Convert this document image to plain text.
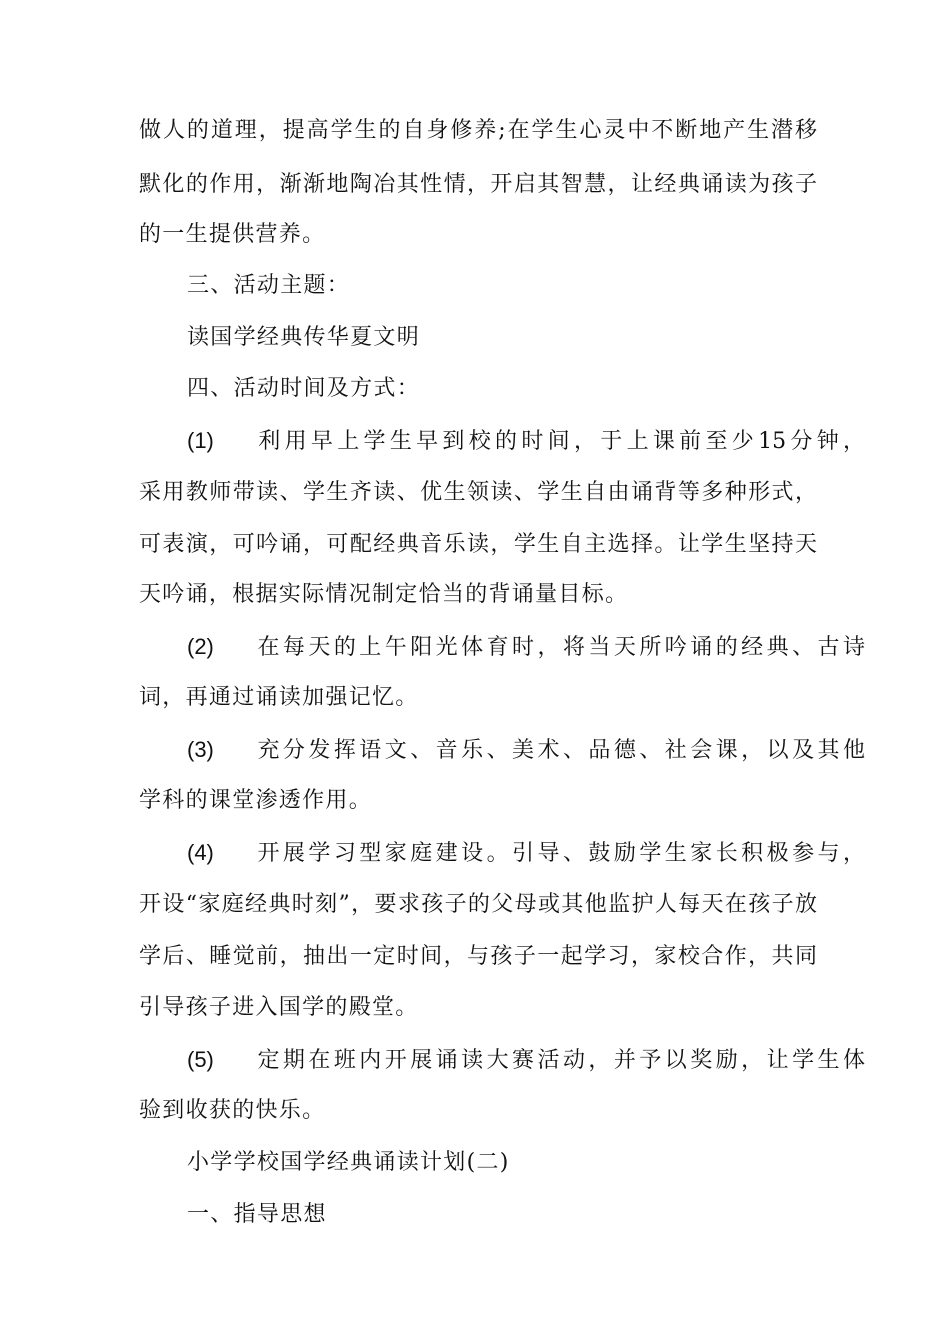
做人的道理，提高学生的自身修养;在学生心灵中不断地产生潜移
默化的作用，渐渐地陶冶其性情，开启其智慧，让经典诵读为孩子
的一生提供营养。
三、活动主题：
读国学经典传华夏文明
四、活动时间及方式：
(1) 利用早上学生早到校的时间，于上课前至少15分钟，
采用教师带读、学生齐读、优生领读、学生自由诵背等多种形式，
可表演，可吟诵，可配经典音乐读，学生自主选择。让学生坚持天
天吟诵，根据实际情况制定恰当的背诵量目标。
(2) 在每天的上午阳光体育时，将当天所吟诵的经典、古诗
词，再通过诵读加强记忆。
(3) 充分发挥语文、音乐、美术、品德、社会课，以及其他
学科的课堂渗透作用。
(4) 开展学习型家庭建设。引导、鼓励学生家长积极参与，
开设“家庭经典时刻”，要求孩子的父母或其他监护人每天在孩子放
学后、睡觉前，抽出一定时间，与孩子一起学习，家校合作，共同
引导孩子进入国学的殿堂。
(5) 定期在班内开展诵读大赛活动，并予以奖励，让学生体
验到收获的快乐。
小学学校国学经典诵读计划(二)
一、指导思想
